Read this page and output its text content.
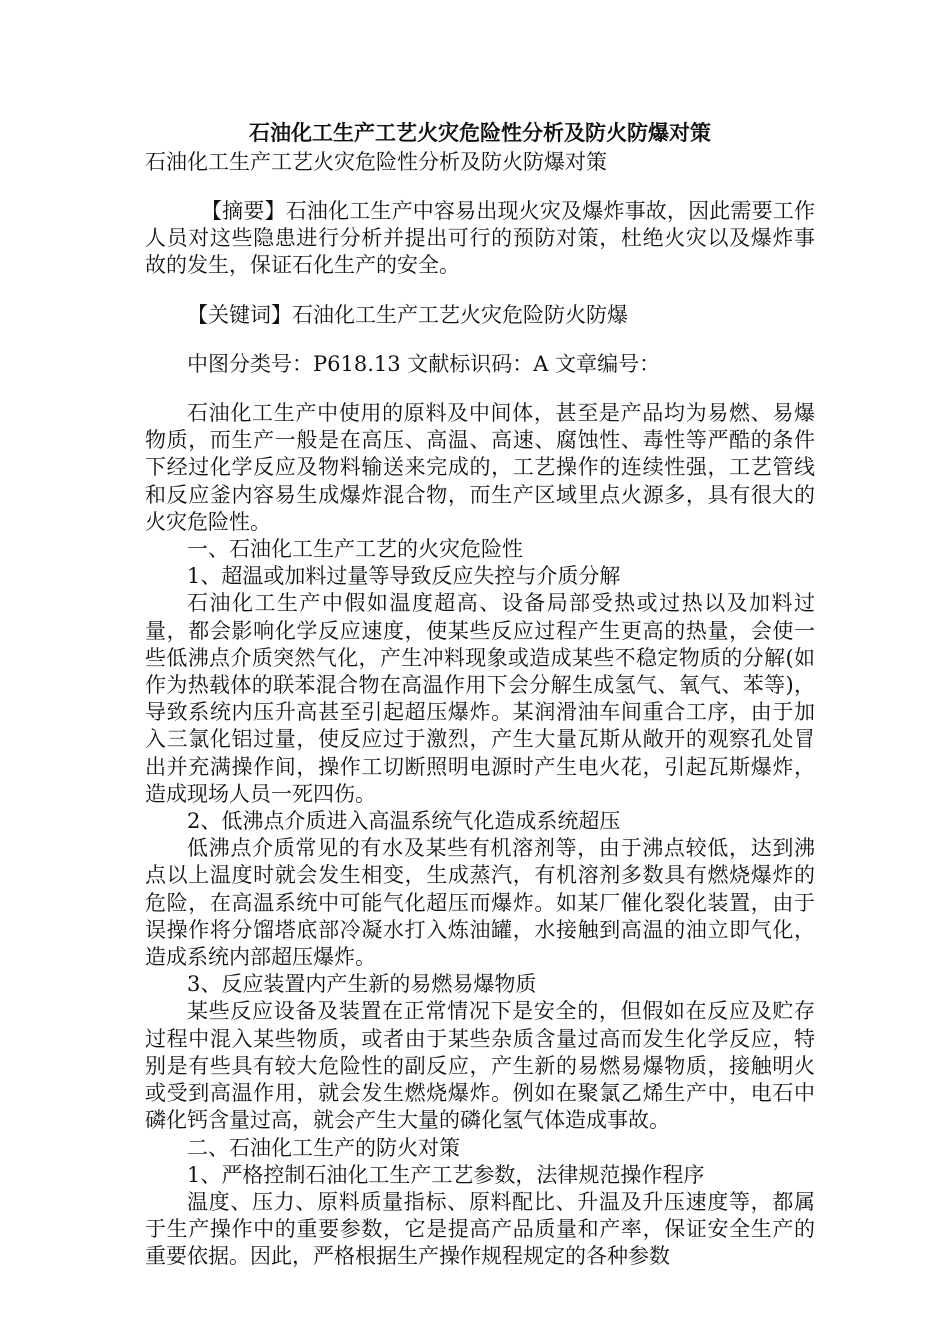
石油化工生产工艺火灾危险性分析及防火防爆对策
石油化工生产工艺火灾危险性分析及防火防爆对策

【摘要】石油化工生产中容易出现火灾及爆炸事故，因此需要工作人员对这些隐患进行分析并提出可行的预防对策，杜绝火灾以及爆炸事故的发生，保证石化生产的安全。

【关键词】石油化工生产工艺火灾危险防火防爆

中图分类号：P618.13 文献标识码：A 文章编号：

石油化工生产中使用的原料及中间体，甚至是产品均为易燃、易爆物质，而生产一般是在高压、高温、高速、腐蚀性、毒性等严酷的条件下经过化学反应及物料输送来完成的，工艺操作的连续性强，工艺管线和反应釜内容易生成爆炸混合物，而生产区域里点火源多，具有很大的火灾危险性。

一、石油化工生产工艺的火灾危险性

1、超温或加料过量等导致反应失控与介质分解

石油化工生产中假如温度超高、设备局部受热或过热以及加料过量，都会影响化学反应速度，使某些反应过程产生更高的热量，会使一些低沸点介质突然气化，产生冲料现象或造成某些不稳定物质的分解(如作为热载体的联苯混合物在高温作用下会分解生成氢气、氧气、苯等)，导致系统内压升高甚至引起超压爆炸。某润滑油车间重合工序，由于加入三氯化铝过量，使反应过于激烈，产生大量瓦斯从敞开的观察孔处冒出并充满操作间，操作工切断照明电源时产生电火花，引起瓦斯爆炸，造成现场人员一死四伤。

2、低沸点介质进入高温系统气化造成系统超压

低沸点介质常见的有水及某些有机溶剂等，由于沸点较低，达到沸点以上温度时就会发生相变，生成蒸汽，有机溶剂多数具有燃烧爆炸的危险，在高温系统中可能气化超压而爆炸。如某厂催化裂化装置，由于误操作将分馏塔底部冷凝水打入炼油罐，水接触到高温的油立即气化，造成系统内部超压爆炸。

3、反应装置内产生新的易燃易爆物质

某些反应设备及装置在正常情况下是安全的，但假如在反应及贮存过程中混入某些物质，或者由于某些杂质含量过高而发生化学反应，特别是有些具有较大危险性的副反应，产生新的易燃易爆物质，接触明火或受到高温作用，就会发生燃烧爆炸。例如在聚氯乙烯生产中，电石中磷化钙含量过高，就会产生大量的磷化氢气体造成事故。

二、石油化工生产的防火对策

1、严格控制石油化工生产工艺参数，法律规范操作程序

温度、压力、原料质量指标、原料配比、升温及升压速度等，都属于生产操作中的重要参数，它是提高产品质量和产率，保证安全生产的重要依据。因此，严格根据生产操作规程规定的各种参数
